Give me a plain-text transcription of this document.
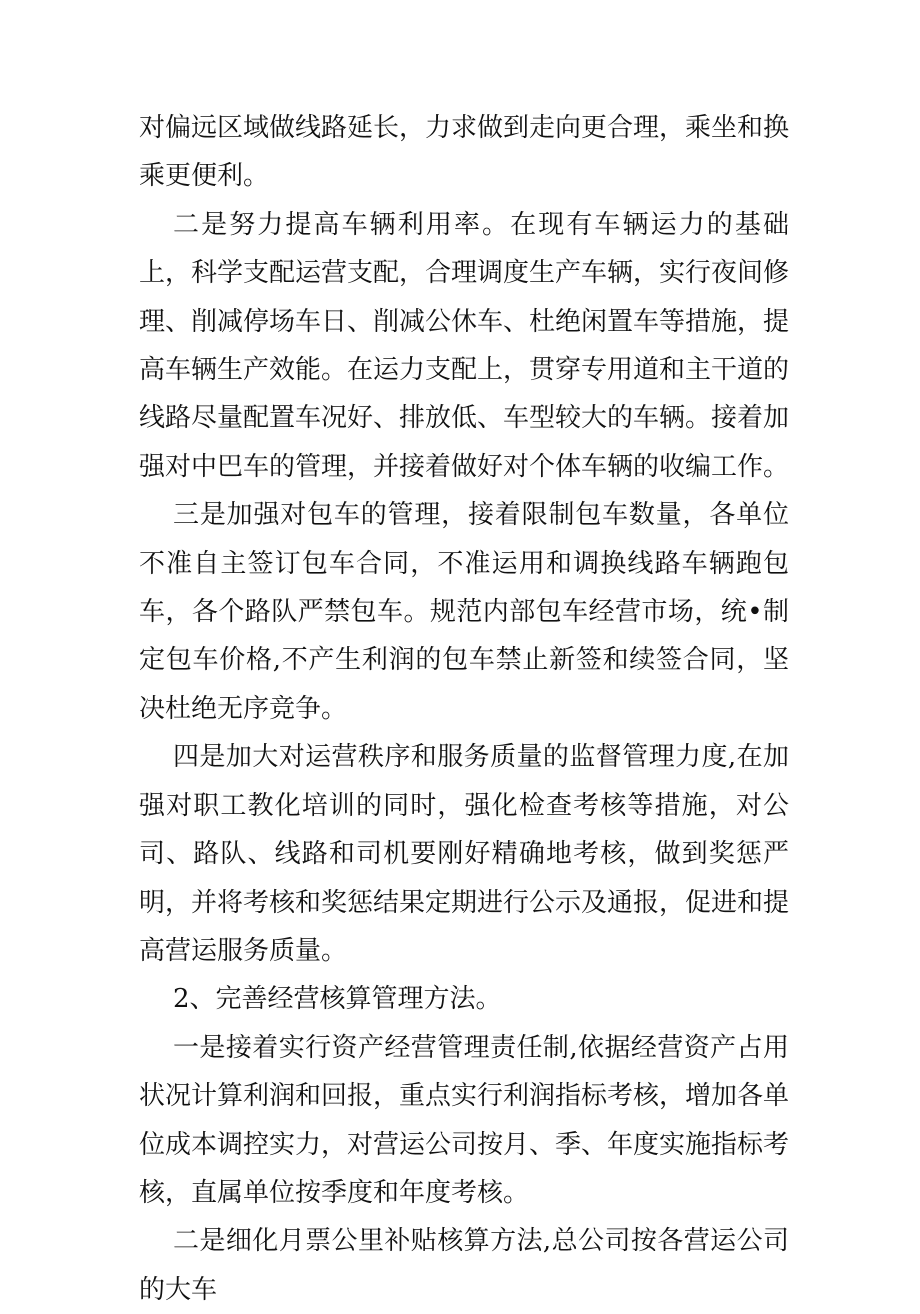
对偏远区域做线路延长，力求做到走向更合理，乘坐和换乘更便利。

二是努力提高车辆利用率。在现有车辆运力的基础上，科学支配运营支配，合理调度生产车辆，实行夜间修理、削减停场车日、削减公休车、杜绝闲置车等措施，提高车辆生产效能。在运力支配上，贯穿专用道和主干道的线路尽量配置车况好、排放低、车型较大的车辆。接着加强对中巴车的管理，并接着做好对个体车辆的收编工作。

三是加强对包车的管理，接着限制包车数量，各单位不准自主签订包车合同，不准运用和调换线路车辆跑包车，各个路队严禁包车。规范内部包车经营市场，统•制定包车价格,不产生利润的包车禁止新签和续签合同，坚决杜绝无序竞争。

四是加大对运营秩序和服务质量的监督管理力度,在加强对职工教化培训的同时，强化检查考核等措施，对公司、路队、线路和司机要刚好精确地考核，做到奖惩严明，并将考核和奖惩结果定期进行公示及通报，促进和提高营运服务质量。

2、完善经营核算管理方法。

一是接着实行资产经营管理责任制,依据经营资产占用状况计算利润和回报，重点实行利润指标考核，增加各单位成本调控实力，对营运公司按月、季、年度实施指标考核，直属单位按季度和年度考核。

二是细化月票公里补贴核算方法,总公司按各营运公司的大车
